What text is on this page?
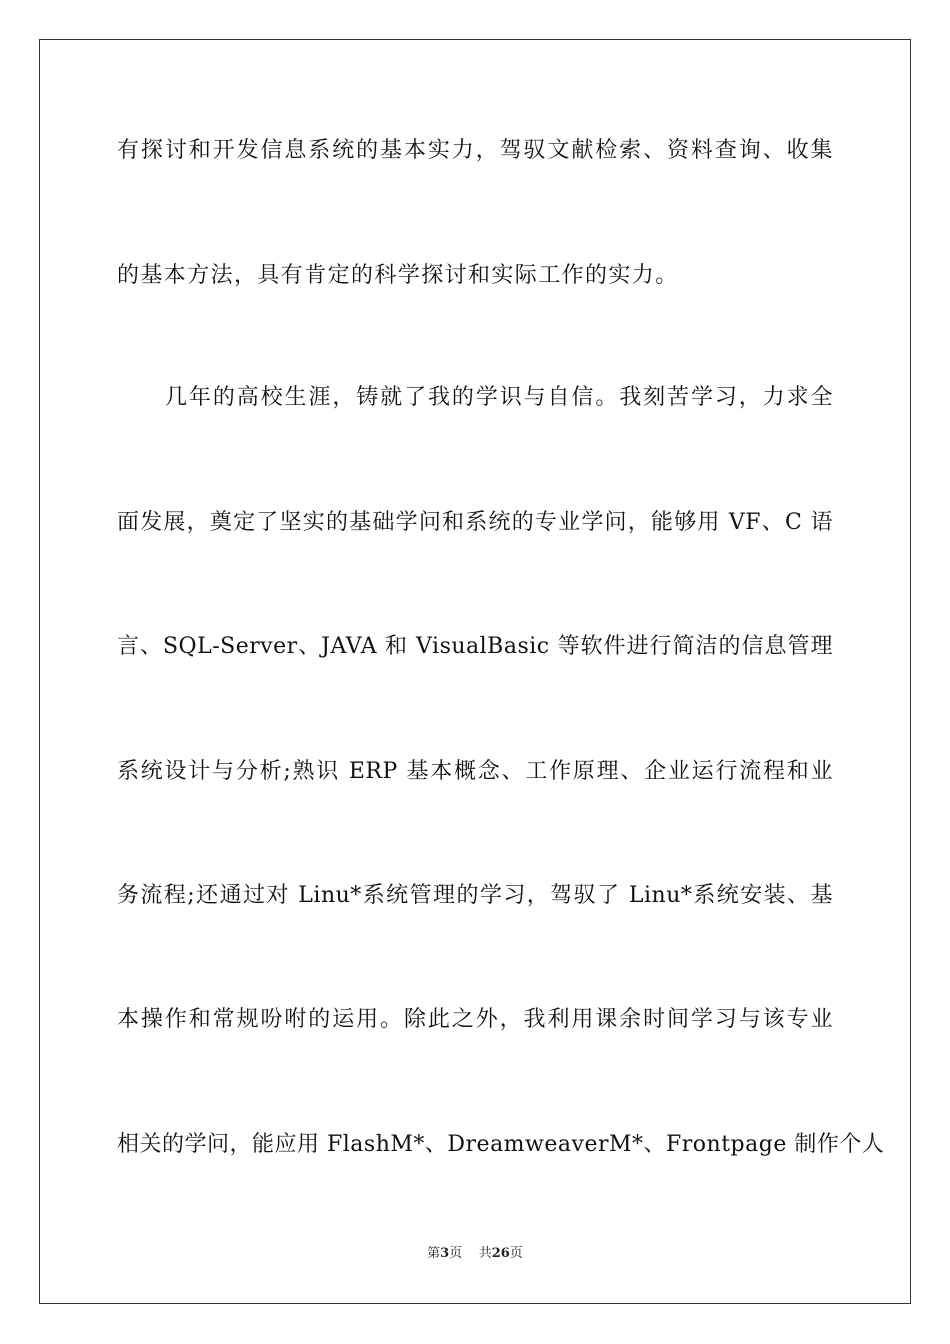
有探讨和开发信息系统的基本实力，驾驭文献检索、资料查询、收集
的基本方法，具有肯定的科学探讨和实际工作的实力。
几年的高校生涯，铸就了我的学识与自信。我刻苦学习，力求全
面发展，奠定了坚实的基础学问和系统的专业学问，能够用 VF、C 语
言、SQL-Server、JAVA 和 VisualBasic 等软件进行简洁的信息管理
系统设计与分析;熟识 ERP 基本概念、工作原理、企业运行流程和业
务流程;还通过对 Linu*系统管理的学习，驾驭了 Linu*系统安装、基
本操作和常规吩咐的运用。除此之外，我利用课余时间学习与该专业
相关的学问，能应用 FlashM*、DreamweaverM*、Frontpage 制作个人
第3页 共26页
